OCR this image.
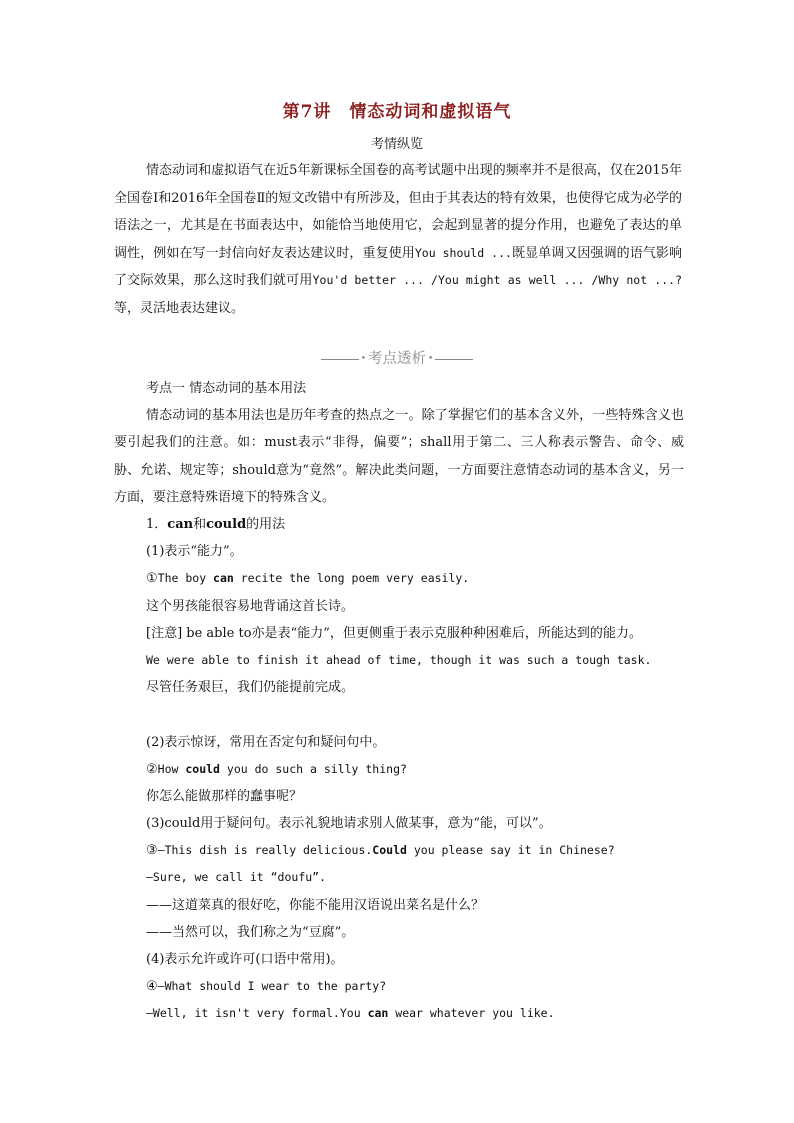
第7讲 情态动词和虚拟语气
考情纵览
情态动词和虚拟语气在近5年新课标全国卷的高考试题中出现的频率并不是很高，仅在2015年全国卷Ⅰ和2016年全国卷Ⅱ的短文改错中有所涉及，但由于其表达的特有效果，也使得它成为必学的语法之一，尤其是在书面表达中，如能恰当地使用它，会起到显著的提分作用，也避免了表达的单调性，例如在写一封信向好友表达建议时，重复使用You should ...既显单调又因强调的语气影响了交际效果，那么这时我们就可用You'd better ... /You might as well ... /Why not ...?等，灵活地表达建议。
• 考点透析 •
考点一 情态动词的基本用法
情态动词的基本用法也是历年考查的热点之一。除了掌握它们的基本含义外，一些特殊含义也要引起我们的注意。如：must表示“非得，偏要”；shall用于第二、三人称表示警告、命令、威胁、允诺、规定等；should意为“竟然”。解决此类问题，一方面要注意情态动词的基本含义，另一方面，要注意特殊语境下的特殊含义。
1．can和could的用法
(1)表示“能力”。
①The boy can recite the long poem very easily.
这个男孩能很容易地背诵这首长诗。
[注意] be able to亦是表“能力”，但更侧重于表示克服种种困难后，所能达到的能力。
We were able to finish it ahead of time, though it was such a tough task.
尽管任务艰巨，我们仍能提前完成。
(2)表示惊讶，常用在否定句和疑问句中。
②How could you do such a silly thing?
你怎么能做那样的蠢事呢？
(3)could用于疑问句。表示礼貌地请求别人做某事，意为“能，可以”。
③—This dish is really delicious.Could you please say it in Chinese?
—Sure, we call it “doufu”.
——这道菜真的很好吃，你能不能用汉语说出菜名是什么？
——当然可以，我们称之为“豆腐”。
(4)表示允许或许可(口语中常用)。
④—What should I wear to the party?
—Well, it isn't very formal.You can wear whatever you like.
